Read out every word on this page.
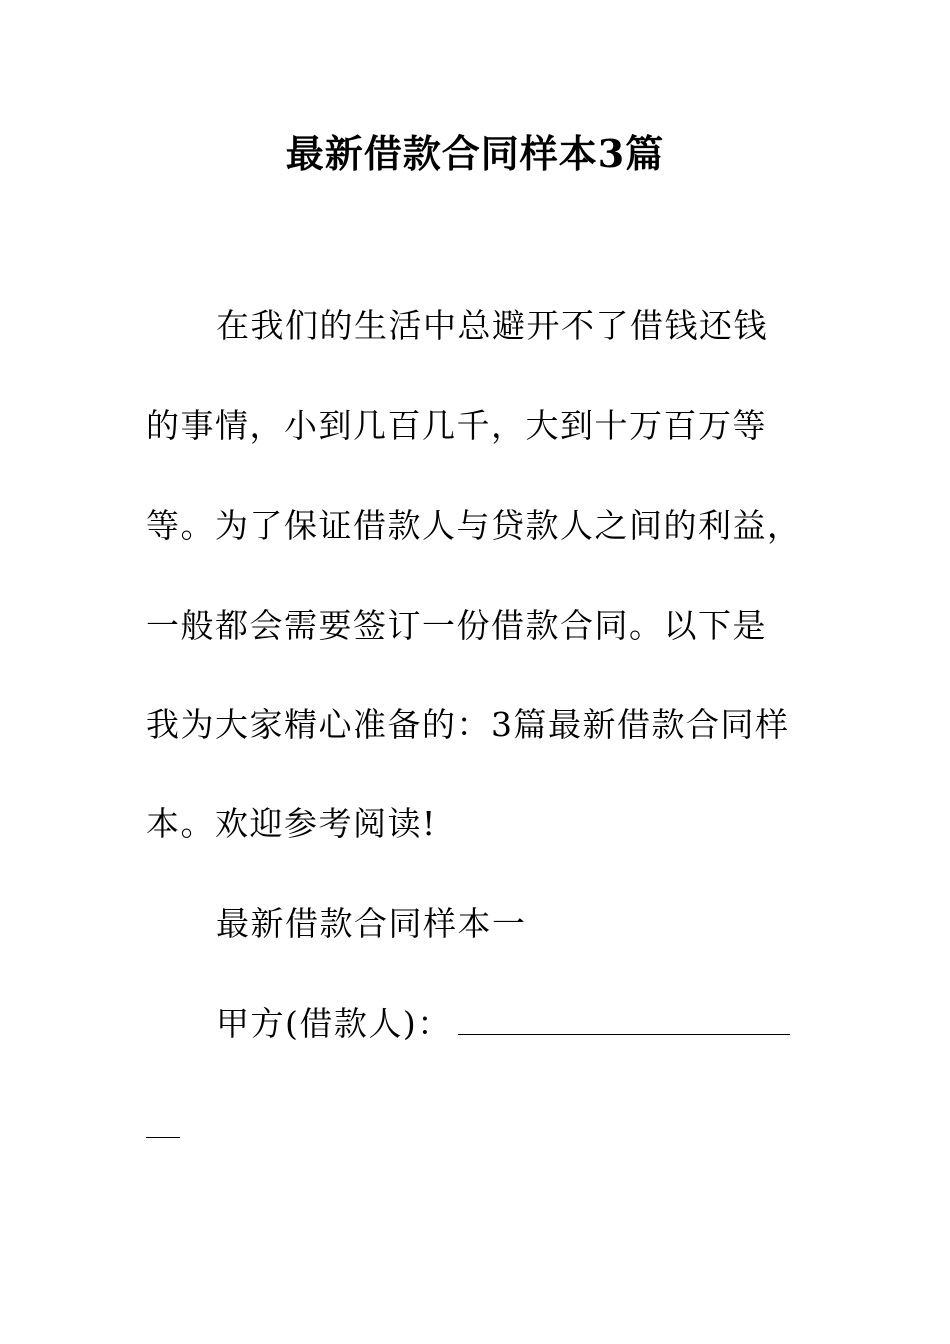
最新借款合同样本3篇
在我们的生活中总避开不了借钱还钱
的事情，小到几百几千，大到十万百万等
等。为了保证借款人与贷款人之间的利益，
一般都会需要签订一份借款合同。以下是
我为大家精心准备的：3篇最新借款合同样
本。欢迎参考阅读!
最新借款合同样本一
甲方(借款人)：
